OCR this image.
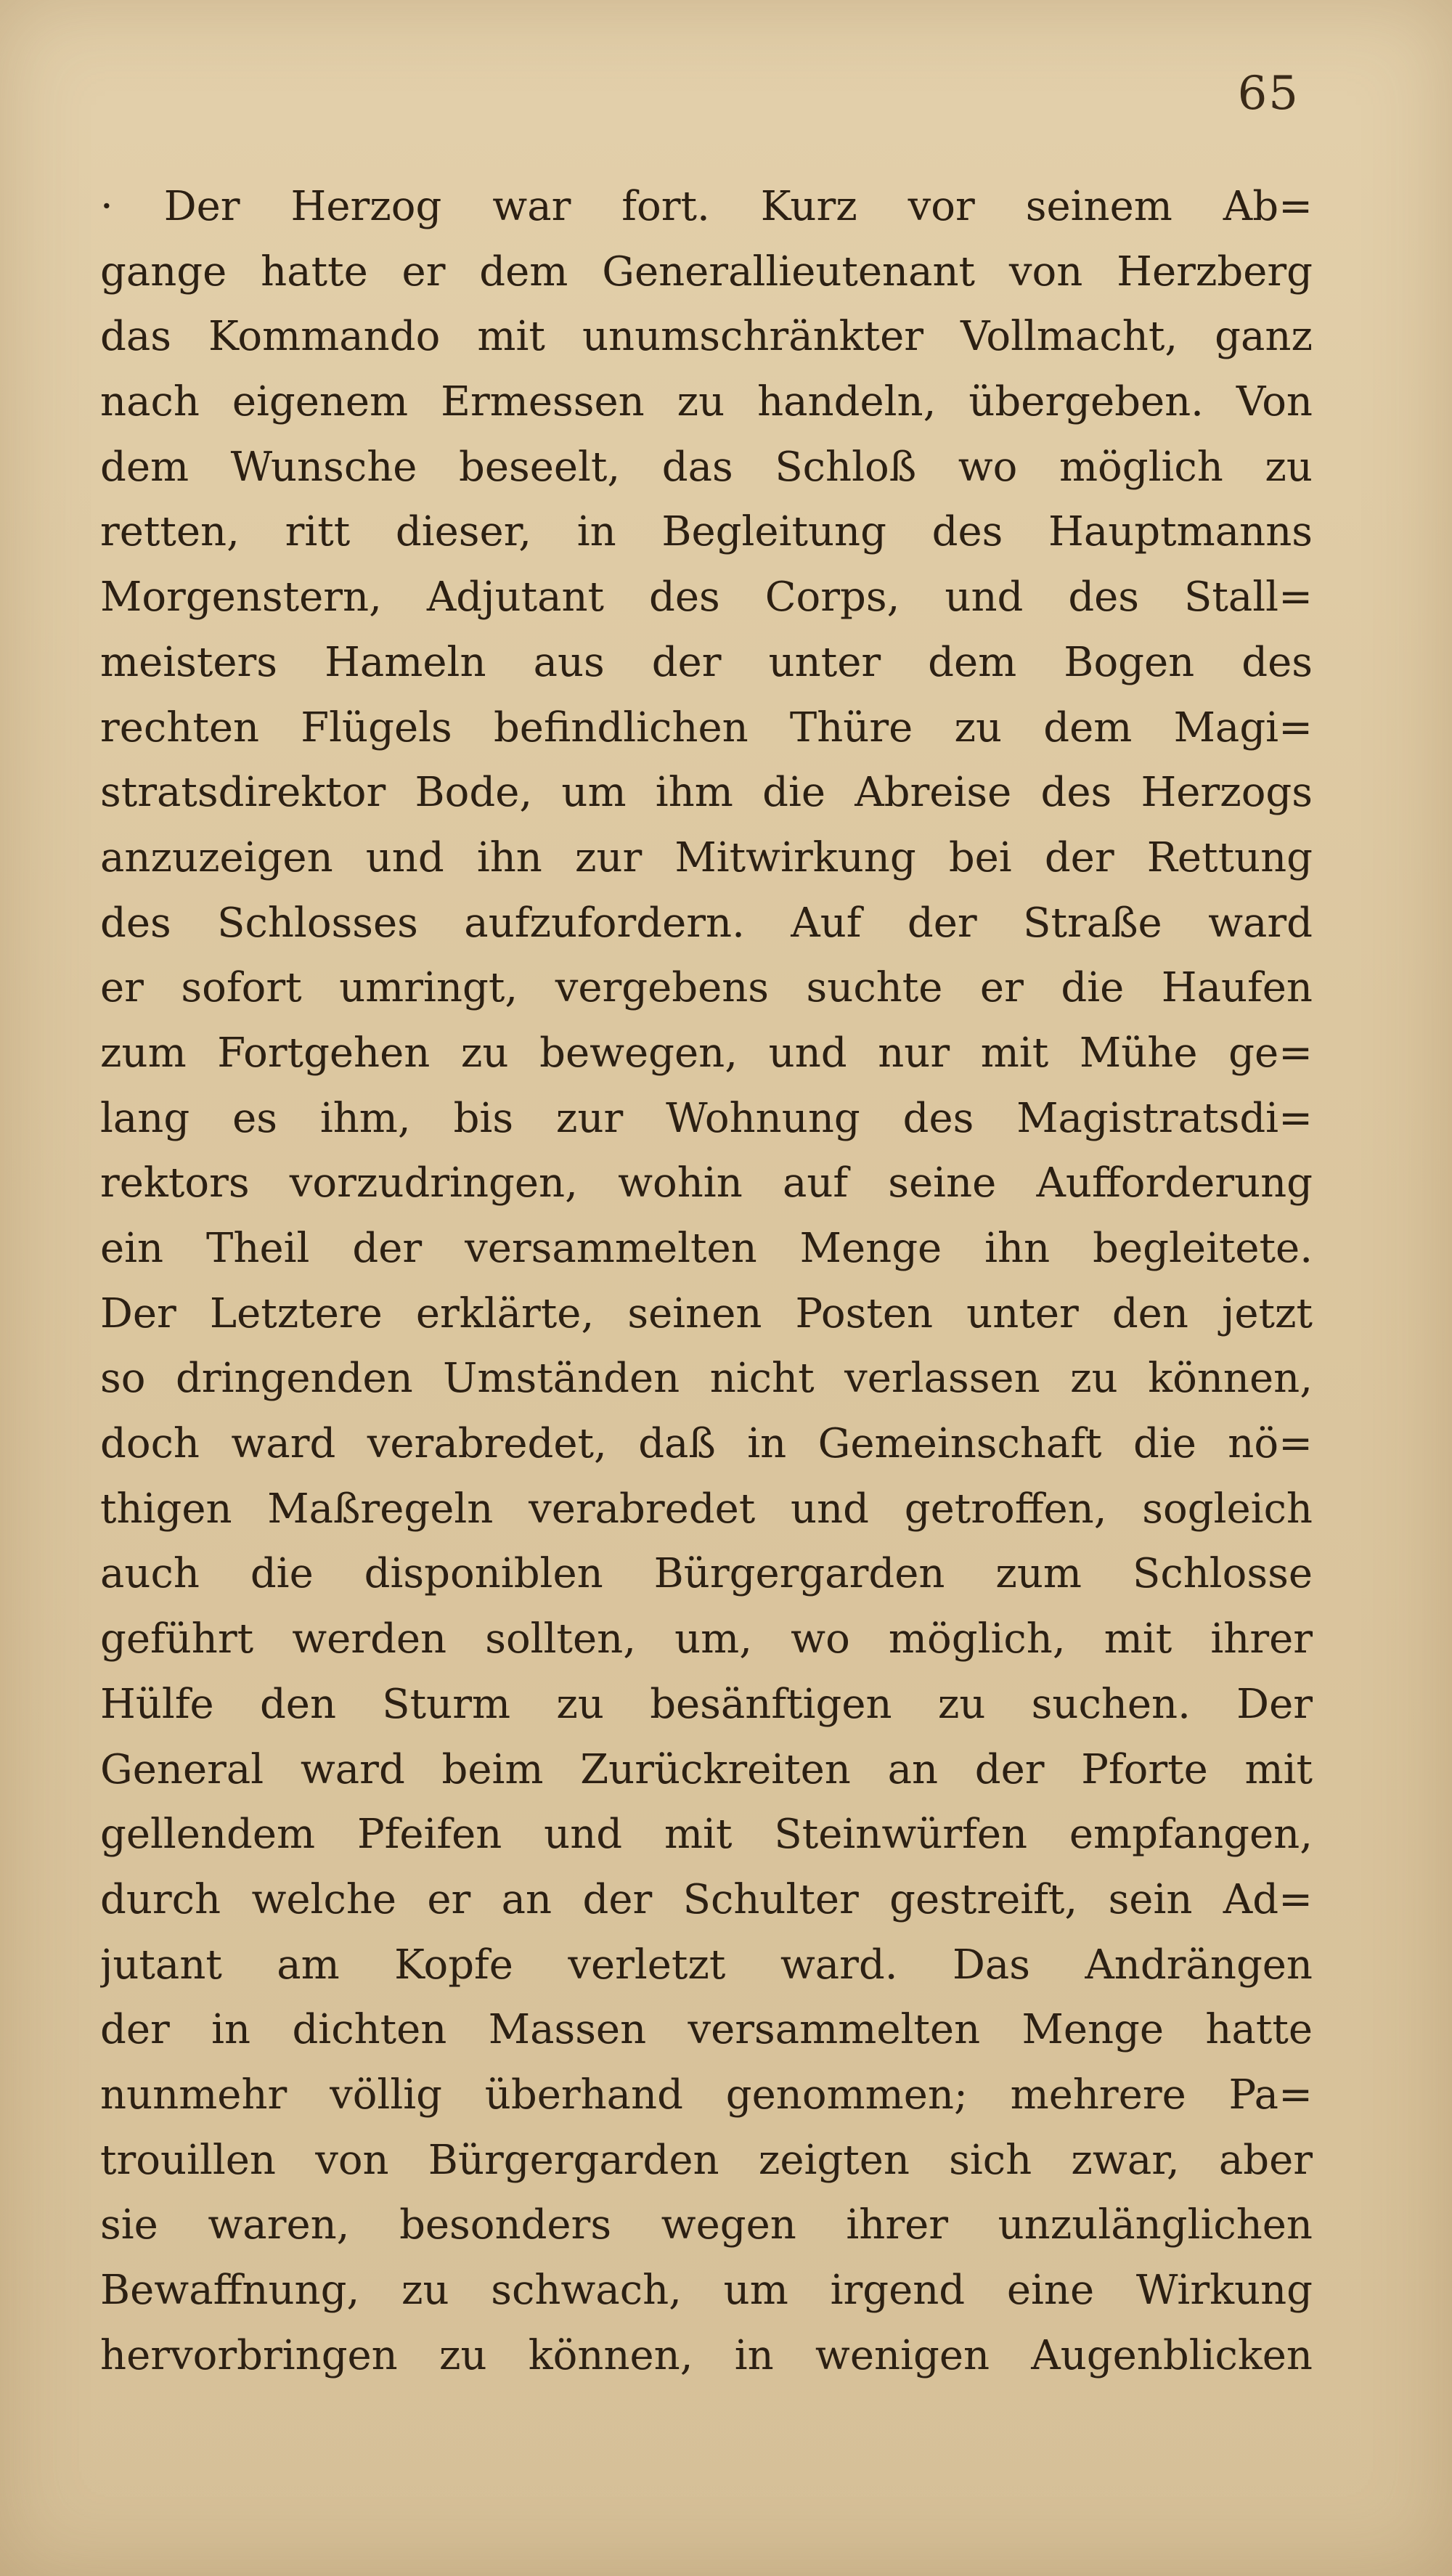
65
· Der Herzog war fort. Kurz vor seinem Ab=
gange hatte er dem Generallieutenant von Herzberg
das Kommando mit unumschränkter Vollmacht, ganz
nach eigenem Ermessen zu handeln, übergeben. Von
dem Wunsche beseelt, das Schloß wo möglich zu
retten, ritt dieser, in Begleitung des Hauptmanns
Morgenstern, Adjutant des Corps, und des Stall=
meisters Hameln aus der unter dem Bogen des
rechten Flügels befindlichen Thüre zu dem Magi=
stratsdirektor Bode, um ihm die Abreise des Herzogs
anzuzeigen und ihn zur Mitwirkung bei der Rettung
des Schlosses aufzufordern. Auf der Straße ward
er sofort umringt, vergebens suchte er die Haufen
zum Fortgehen zu bewegen, und nur mit Mühe ge=
lang es ihm, bis zur Wohnung des Magistratsdi=
rektors vorzudringen, wohin auf seine Aufforderung
ein Theil der versammelten Menge ihn begleitete.
Der Letztere erklärte, seinen Posten unter den jetzt
so dringenden Umständen nicht verlassen zu können,
doch ward verabredet, daß in Gemeinschaft die nö=
thigen Maßregeln verabredet und getroffen, sogleich
auch die disponiblen Bürgergarden zum Schlosse
geführt werden sollten, um, wo möglich, mit ihrer
Hülfe den Sturm zu besänftigen zu suchen. Der
General ward beim Zurückreiten an der Pforte mit
gellendem Pfeifen und mit Steinwürfen empfangen,
durch welche er an der Schulter gestreift, sein Ad=
jutant am Kopfe verletzt ward. Das Andrängen
der in dichten Massen versammelten Menge hatte
nunmehr völlig überhand genommen; mehrere Pa=
trouillen von Bürgergarden zeigten sich zwar, aber
sie waren, besonders wegen ihrer unzulänglichen
Bewaffnung, zu schwach, um irgend eine Wirkung
hervorbringen zu können, in wenigen Augenblicken
